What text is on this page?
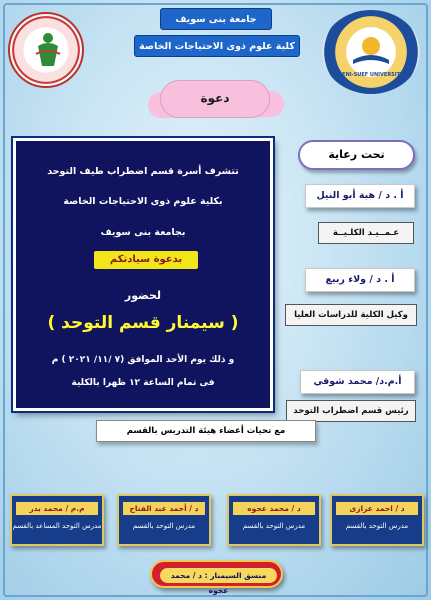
BENI-SUEF UNIVERSITY
جامعة بنى سويف
كلية علوم ذوى الاحتياجات الخاصة
دعوة
تتشرف أسرة قسم اضطراب طيف التوحد
بكلية علوم ذوى الاحتياجات الخاصة
بجامعة بنى سويف
بدعوة سيادتكم
لحضور
( سيمنار قسم التوحد )
و ذلك يوم الأحد الموافق (٧ /١١/ ٢٠٢١ ) م
فى تمام الساعة ١٢ ظهرا بالكلية
تحت رعاية
أ . د / هبة أبو النيل
عـمــيـد الكلـيــة
أ . د / ولاء ربيع
وكيل الكلية للدراسات العليا
أ.م.د/ محمد شوقي
رئيس قسم اضطراب التوحد
مع تحيات أعضاء هيئة التدريس بالقسم
د / احمد عزازى
مدرس التوحد بالقسم
د / محمد عجوه
مدرس التوحد بالقسم
د / أحمد عبد الفتاح
مدرس التوحد بالقسم
م.م / محمد بدر
مدرس التوحد المساعد بالقسم
منسق السيمنار : د / محمد عجوه
